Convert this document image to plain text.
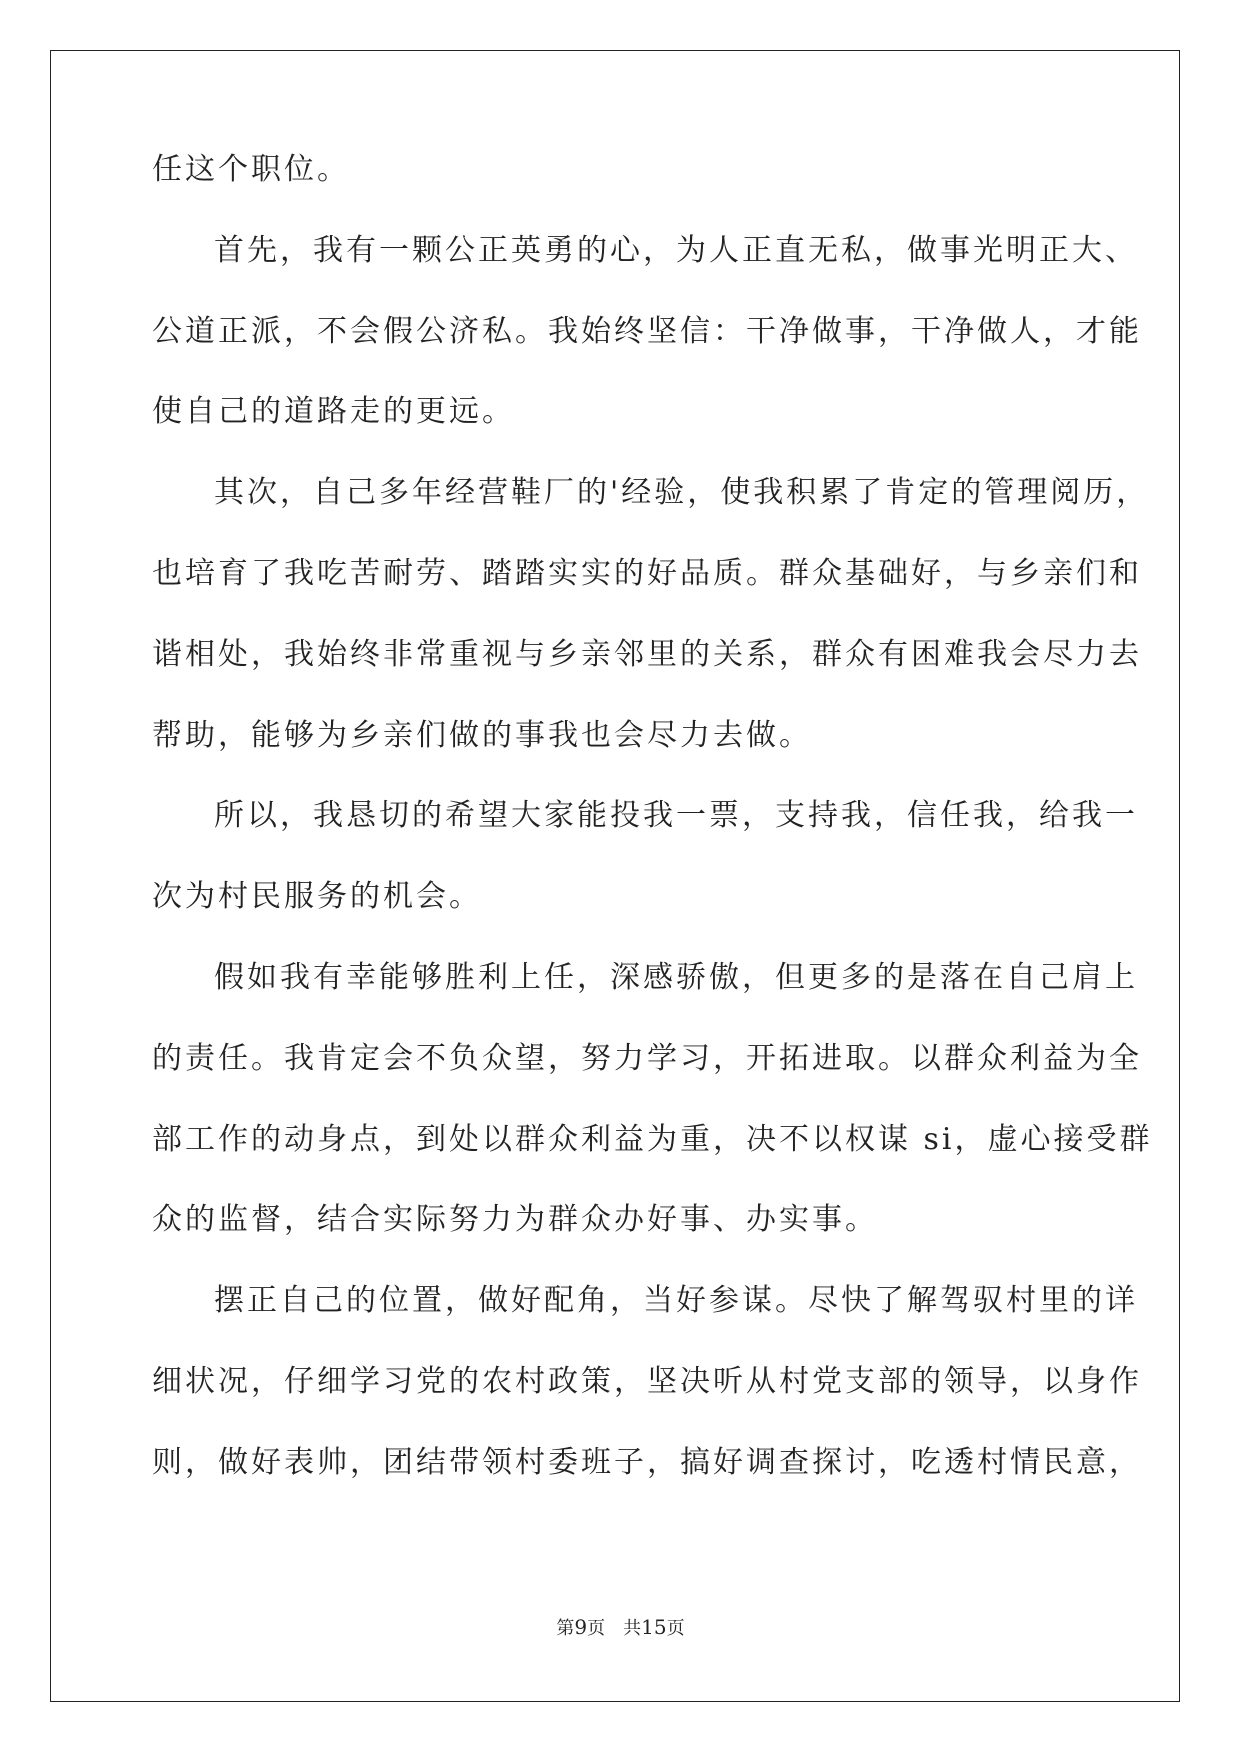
任这个职位。

首先，我有一颗公正英勇的心，为人正直无私，做事光明正大、

公道正派，不会假公济私。我始终坚信：干净做事，干净做人，才能

使自己的道路走的更远。

其次，自己多年经营鞋厂的'经验，使我积累了肯定的管理阅历，

也培育了我吃苦耐劳、踏踏实实的好品质。群众基础好，与乡亲们和

谐相处，我始终非常重视与乡亲邻里的关系，群众有困难我会尽力去

帮助，能够为乡亲们做的事我也会尽力去做。

所以，我恳切的希望大家能投我一票，支持我，信任我，给我一

次为村民服务的机会。

假如我有幸能够胜利上任，深感骄傲，但更多的是落在自己肩上

的责任。我肯定会不负众望，努力学习，开拓进取。以群众利益为全

部工作的动身点，到处以群众利益为重，决不以权谋 si，虚心接受群

众的监督，结合实际努力为群众办好事、办实事。

摆正自己的位置，做好配角，当好参谋。尽快了解驾驭村里的详

细状况，仔细学习党的农村政策，坚决听从村党支部的领导，以身作

则，做好表帅，团结带领村委班子，搞好调查探讨，吃透村情民意，

第9页 共15页
